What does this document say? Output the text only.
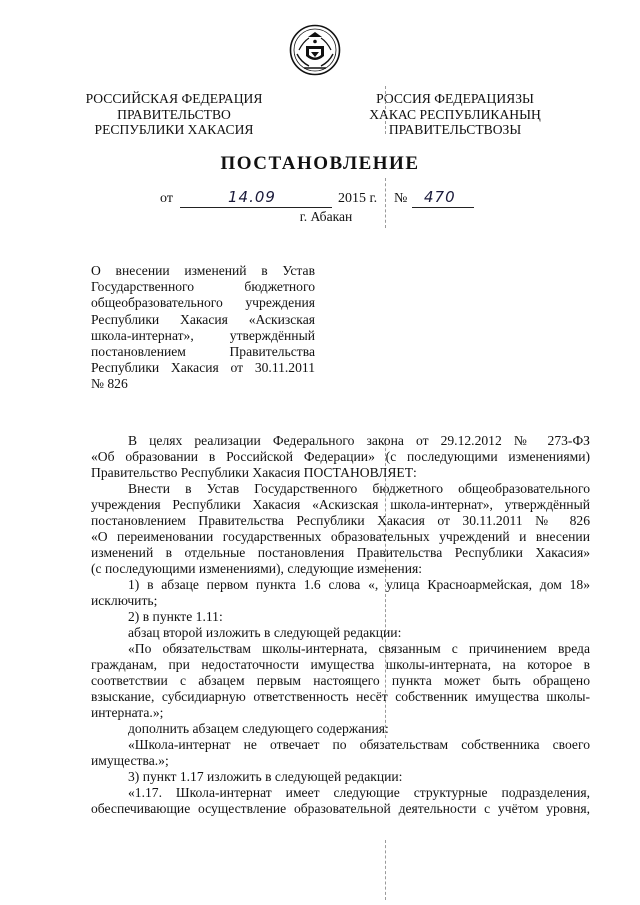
РОССИЙСКАЯ ФЕДЕРАЦИЯ
ПРАВИТЕЛЬСТВО
РЕСПУБЛИКИ ХАКАСИЯ
РОССИЯ ФЕДЕРАЦИЯЗЫ
ХАКАС РЕСПУБЛИКАНЫҢ
ПРАВИТЕЛЬСТВОЗЫ
ПОСТАНОВЛЕНИЕ
от	14.09	2015 г. № 470
г. Абакан
О внесении изменений в Устав
Государственного бюджетного
общеобразовательного учреждения
Республики Хакасия «Аскизская
школа-интернат», утверждённый
постановлением Правительства
Республики Хакасия от 30.11.2011
№ 826
В целях реализации Федерального закона от 29.12.2012 № 273-ФЗ
«Об образовании в Российской Федерации» (с последующими изменениями)
Правительство Республики Хакасия ПОСТАНОВЛЯЕТ:
Внести в Устав Государственного бюджетного общеобразовательного
учреждения Республики Хакасия «Аскизская школа-интернат», утверждённый
постановлением Правительства Республики Хакасия от 30.11.2011 № 826
«О переименовании государственных образовательных учреждений и внесении
изменений в отдельные постановления Правительства Республики Хакасия»
(с последующими изменениями), следующие изменения:
1) в абзаце первом пункта 1.6 слова «, улица Красноармейская, дом 18»
исключить;
2) в пункте 1.11:
абзац второй изложить в следующей редакции:
«По обязательствам школы-интерната, связанным с причинением вреда
гражданам, при недостаточности имущества школы-интерната, на которое в
соответствии с абзацем первым настоящего пункта может быть обращено
взыскание, субсидиарную ответственность несёт собственник имущества школы-
интерната.»;
дополнить абзацем следующего содержания:
«Школа-интернат не отвечает по обязательствам собственника своего
имущества.»;
3) пункт 1.17 изложить в следующей редакции:
«1.17. Школа-интернат имеет следующие структурные подразделения,
обеспечивающие осуществление образовательной деятельности с учётом уровня,
